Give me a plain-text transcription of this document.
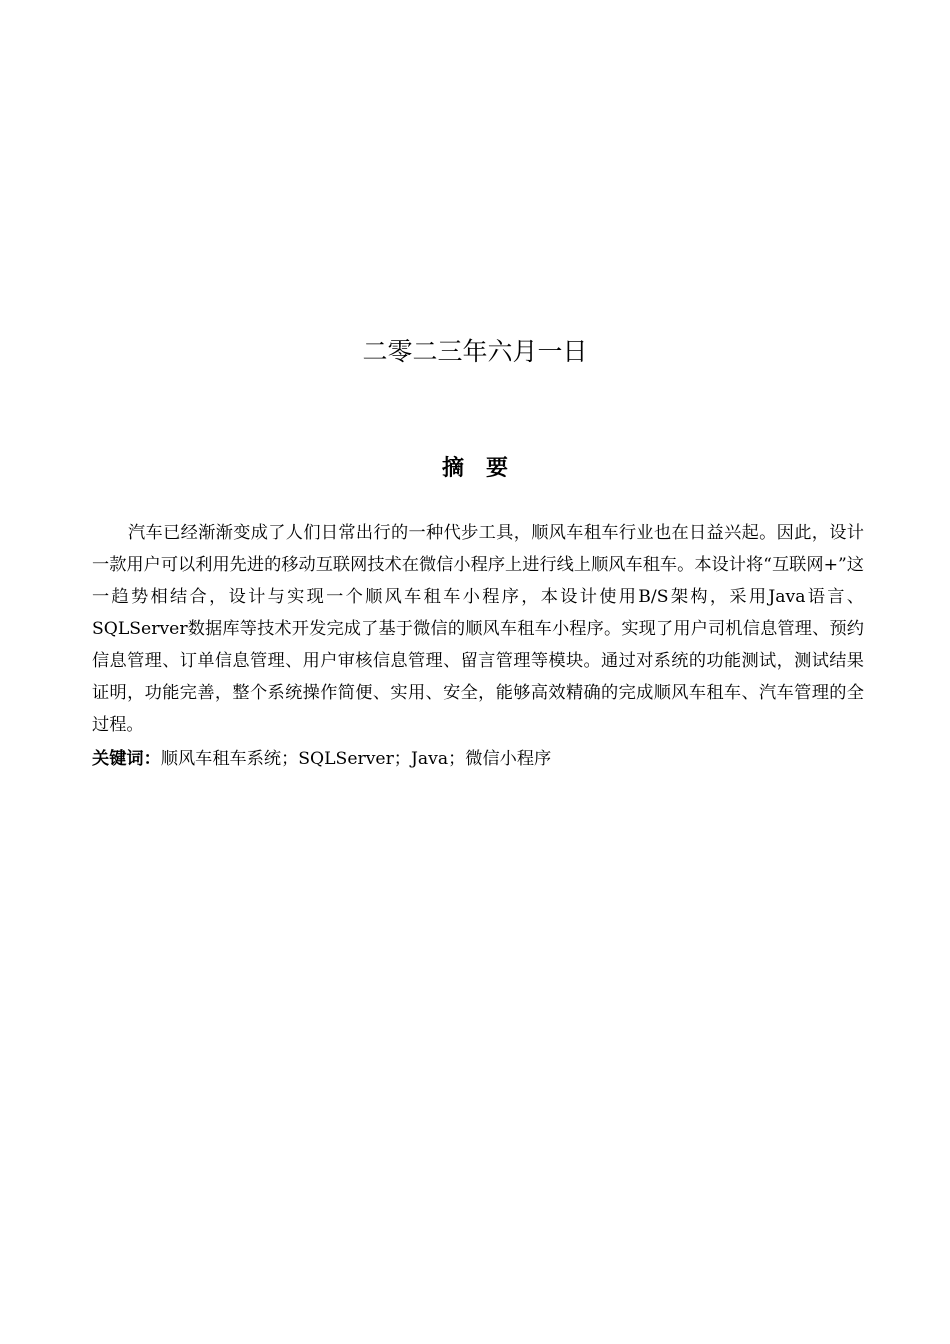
二零二三年六月一日
摘要

汽车已经渐渐变成了人们日常出行的一种代步工具，顺风车租车行业也在日益兴起。因此，设计一款用户可以利用先进的移动互联网技术在微信小程序上进行线上顺风车租车。本设计将“互联网+”这一趋势相结合，设计与实现一个顺风车租车小程序，本设计使用B/S架构，采用Java语言、SQLServer数据库等技术开发完成了基于微信的顺风车租车小程序。实现了用户司机信息管理、预约信息管理、订单信息管理、用户审核信息管理、留言管理等模块。通过对系统的功能测试，测试结果证明，功能完善，整个系统操作简便、实用、安全，能够高效精确的完成顺风车租车、汽车管理的全过程。

关键词：顺风车租车系统；SQLServer；Java；微信小程序
